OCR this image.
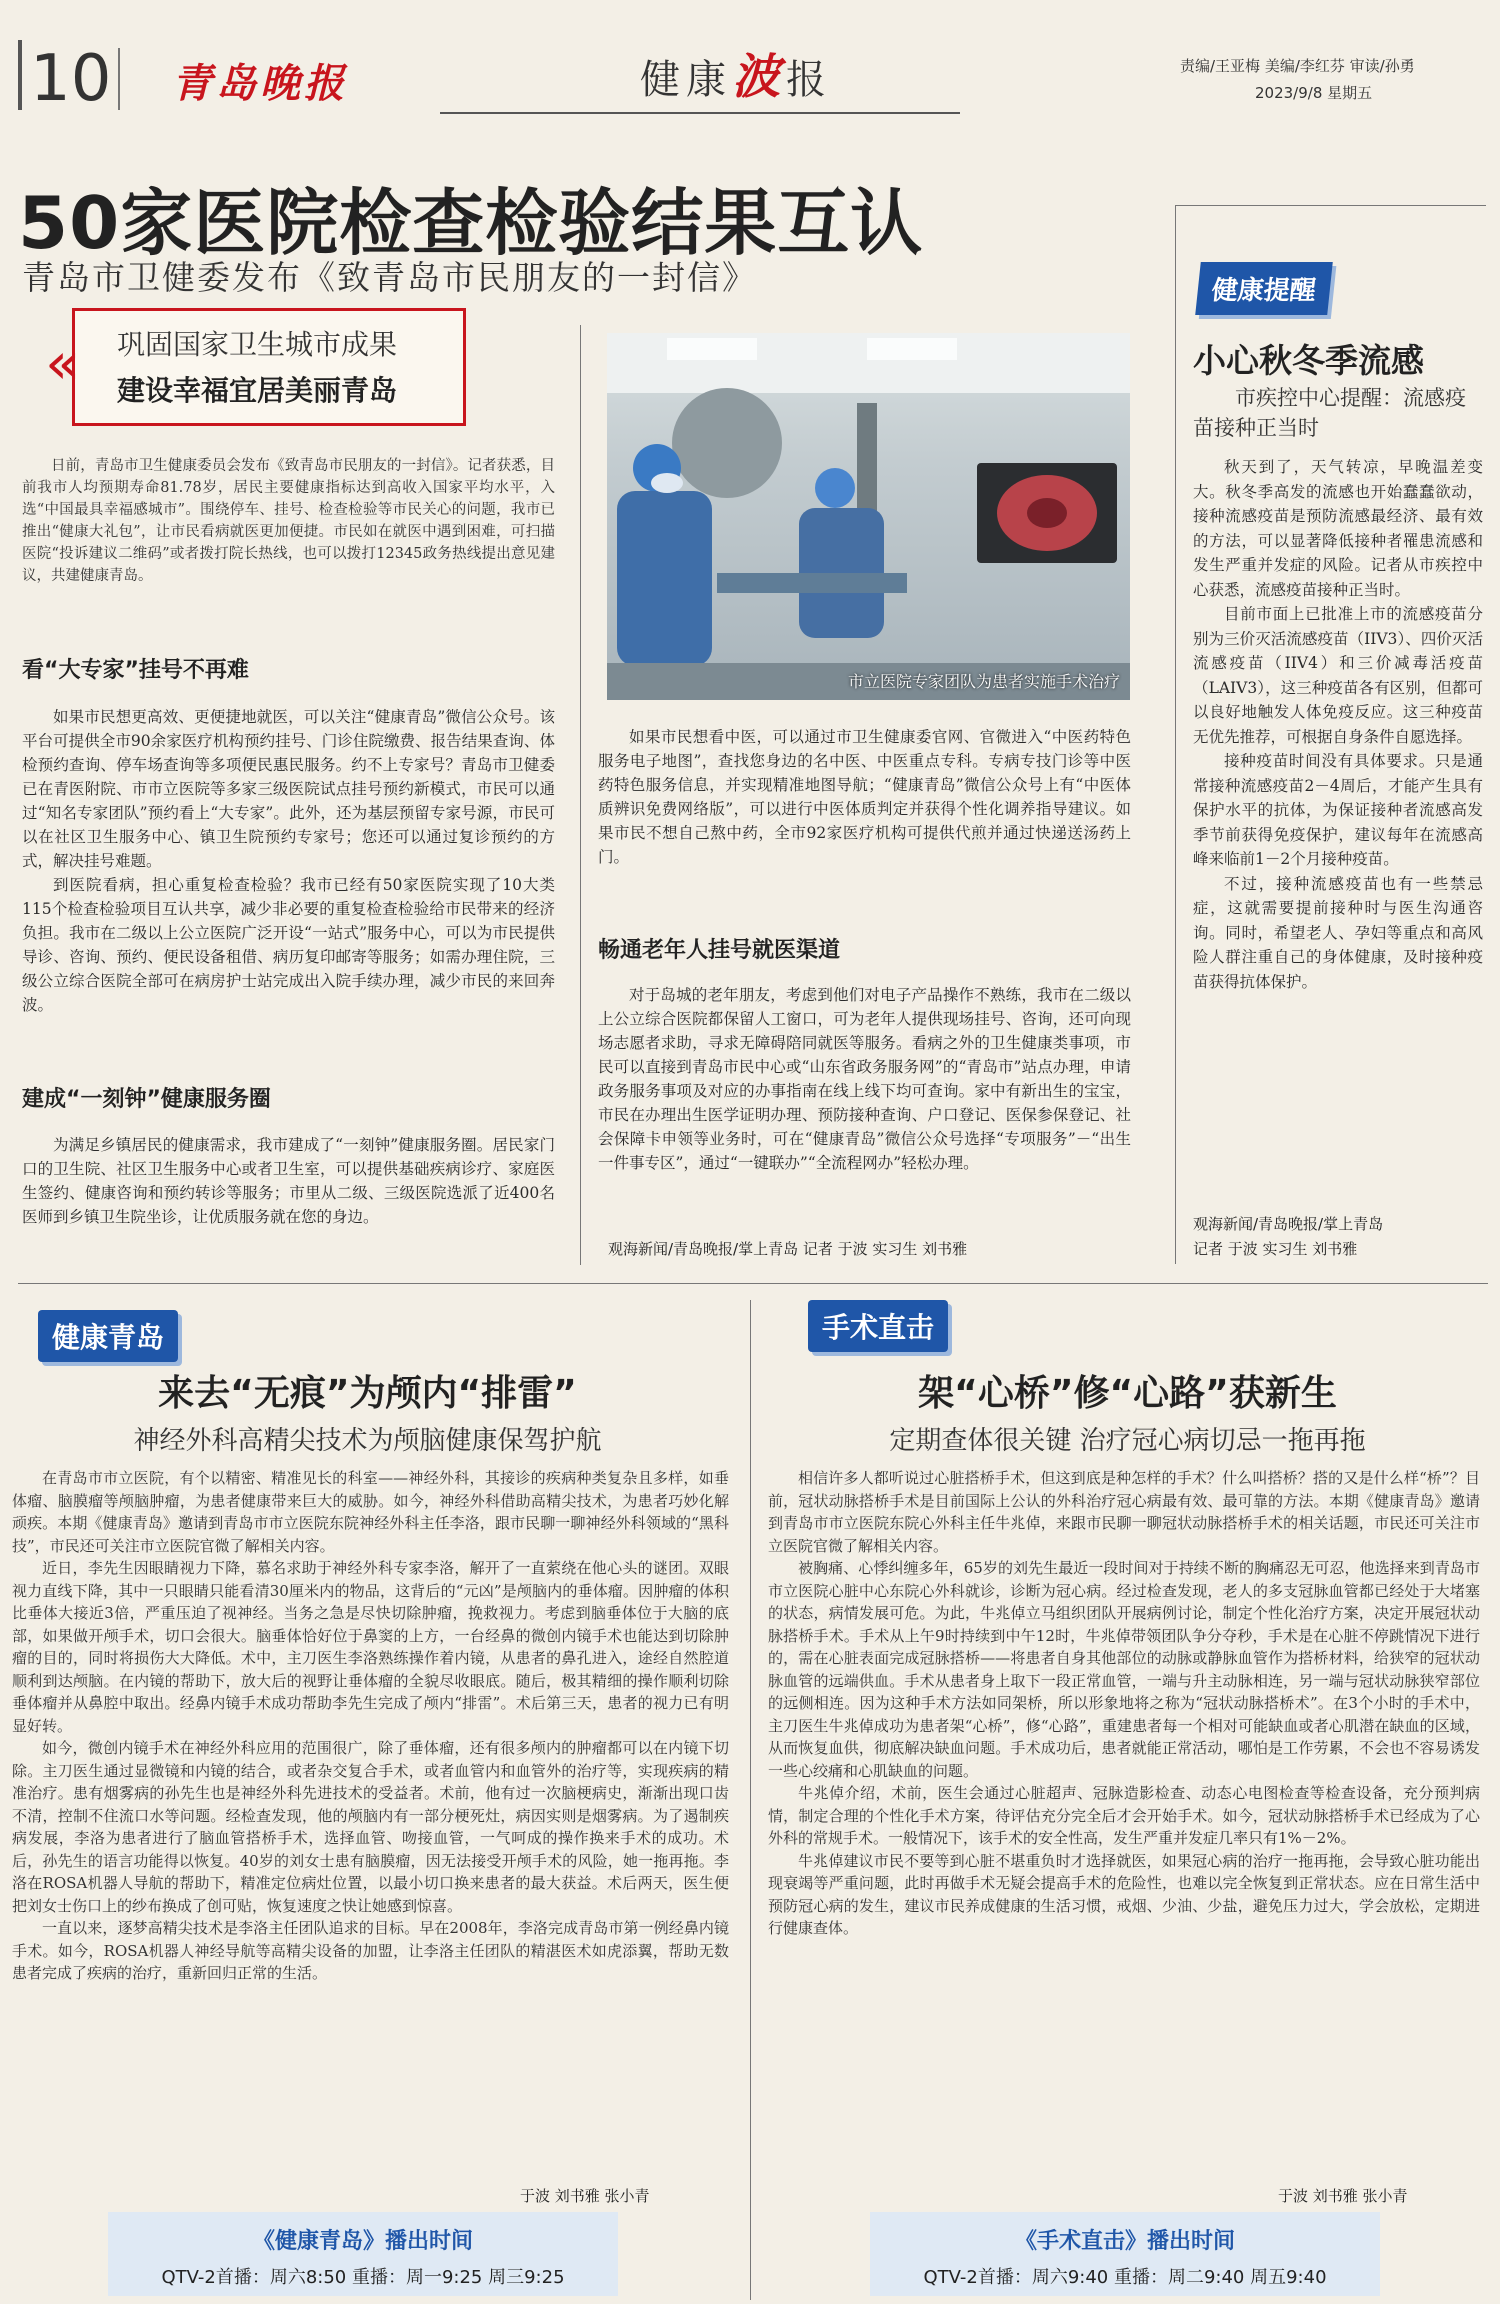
10 青岛晚报	健康波报	责编/王亚梅 美编/李红芬 审读/孙勇
2023/9/8 星期五
50家医院检查检验结果互认
青岛市卫健委发布《致青岛市民朋友的一封信》
« 巩固国家卫生城市成果
建设幸福宜居美丽青岛

日前，青岛市卫生健康委员会发布《致青岛市民朋友的一封信》。记者获悉，目前我市人均预期寿命81.78岁，居民主要健康指标达到高收入国家平均水平，入选“中国最具幸福感城市”。围绕停车、挂号、检查检验等市民关心的问题，我市已推出“健康大礼包”，让市民看病就医更加便捷。市民如在就医中遇到困难，可扫描医院“投诉建议二维码”或者拨打院长热线，也可以拨打12345政务热线提出意见建议，共建健康青岛。

看“大专家”挂号不再难

如果市民想更高效、更便捷地就医，可以关注“健康青岛”微信公众号。该平台可提供全市90余家医疗机构预约挂号、门诊住院缴费、报告结果查询、体检预约查询、停车场查询等多项便民惠民服务。约不上专家号？青岛市卫健委已在青医附院、市市立医院等多家三级医院试点挂号预约新模式，市民可以通过“知名专家团队”预约看上“大专家”。此外，还为基层预留专家号源，市民可以在社区卫生服务中心、镇卫生院预约专家号；您还可以通过复诊预约的方式，解决挂号难题。

到医院看病，担心重复检查检验？我市已经有50家医院实现了10大类115个检查检验项目互认共享，减少非必要的重复检查检验给市民带来的经济负担。我市在二级以上公立医院广泛开设“一站式”服务中心，可以为市民提供导诊、咨询、预约、便民设备租借、病历复印邮寄等服务；如需办理住院，三级公立综合医院全部可在病房护士站完成出入院手续办理，减少市民的来回奔波。

建成“一刻钟”健康服务圈

为满足乡镇居民的健康需求，我市建成了“一刻钟”健康服务圈。居民家门口的卫生院、社区卫生服务中心或者卫生室，可以提供基础疾病诊疗、家庭医生签约、健康咨询和预约转诊等服务；市里从二级、三级医院选派了近400名医师到乡镇卫生院坐诊，让优质服务就在您的身边。

市立医院专家团队为患者实施手术治疗

如果市民想看中医，可以通过市卫生健康委官网、官微进入“中医药特色服务电子地图”，查找您身边的名中医、中医重点专科。专病专技门诊等中医药特色服务信息，并实现精准地图导航；“健康青岛”微信公众号上有“中医体质辨识免费网络版”，可以进行中医体质判定并获得个性化调养指导建议。如果市民不想自己熬中药，全市92家医疗机构可提供代煎并通过快递送汤药上门。

畅通老年人挂号就医渠道

对于岛城的老年朋友，考虑到他们对电子产品操作不熟练，我市在二级以上公立综合医院都保留人工窗口，可为老年人提供现场挂号、咨询，还可向现场志愿者求助，寻求无障碍陪同就医等服务。看病之外的卫生健康类事项，市民可以直接到青岛市民中心或“山东省政务服务网”的“青岛市”站点办理，申请政务服务事项及对应的办事指南在线上线下均可查询。家中有新出生的宝宝，市民在办理出生医学证明办理、预防接种查询、户口登记、医保参保登记、社会保障卡申领等业务时，可在“健康青岛”微信公众号选择“专项服务”－“出生一件事专区”，通过“一键联办”“全流程网办”轻松办理。

观海新闻/青岛晚报/掌上青岛 记者 于波 实习生 刘书雅
健康提醒
小心秋冬季流感
市疾控中心提醒：流感疫苗接种正当时

秋天到了，天气转凉，早晚温差变大。秋冬季高发的流感也开始蠢蠢欲动，接种流感疫苗是预防流感最经济、最有效的方法，可以显著降低接种者罹患流感和发生严重并发症的风险。记者从市疾控中心获悉，流感疫苗接种正当时。

目前市面上已批准上市的流感疫苗分别为三价灭活流感疫苗（IIV3）、四价灭活流感疫苗（IIV4）和三价减毒活疫苗（LAIV3），这三种疫苗各有区别，但都可以良好地触发人体免疫反应。这三种疫苗无优先推荐，可根据自身条件自愿选择。

接种疫苗时间没有具体要求。只是通常接种流感疫苗2－4周后，才能产生具有保护水平的抗体，为保证接种者流感高发季节前获得免疫保护，建议每年在流感高峰来临前1－2个月接种疫苗。

不过，接种流感疫苗也有一些禁忌症，这就需要提前接种时与医生沟通咨询。同时，希望老人、孕妇等重点和高风险人群注重自己的身体健康，及时接种疫苗获得抗体保护。

观海新闻/青岛晚报/掌上青岛
记者 于波 实习生 刘书雅
健康青岛
来去“无痕”为颅内“排雷”
神经外科高精尖技术为颅脑健康保驾护航

在青岛市市立医院，有个以精密、精准见长的科室——神经外科，其接诊的疾病种类复杂且多样，如垂体瘤、脑膜瘤等颅脑肿瘤，为患者健康带来巨大的威胁。如今，神经外科借助高精尖技术，为患者巧妙化解顽疾。本期《健康青岛》邀请到青岛市市立医院东院神经外科主任李洛，跟市民聊一聊神经外科领域的“黑科技”，市民还可关注市立医院官微了解相关内容。

近日，李先生因眼睛视力下降，慕名求助于神经外科专家李洛，解开了一直萦绕在他心头的谜团。双眼视力直线下降，其中一只眼睛只能看清30厘米内的物品，这背后的“元凶”是颅脑内的垂体瘤。因肿瘤的体积比垂体大接近3倍，严重压迫了视神经。当务之急是尽快切除肿瘤，挽救视力。考虑到脑垂体位于大脑的底部，如果做开颅手术，切口会很大。脑垂体恰好位于鼻窦的上方，一台经鼻的微创内镜手术也能达到切除肿瘤的目的，同时将损伤大大降低。术中，主刀医生李洛熟练操作着内镜，从患者的鼻孔进入，途经自然腔道顺利到达颅脑。在内镜的帮助下，放大后的视野让垂体瘤的全貌尽收眼底。随后，极其精细的操作顺利切除垂体瘤并从鼻腔中取出。经鼻内镜手术成功帮助李先生完成了颅内“排雷”。术后第三天，患者的视力已有明显好转。

如今，微创内镜手术在神经外科应用的范围很广，除了垂体瘤，还有很多颅内的肿瘤都可以在内镜下切除。主刀医生通过显微镜和内镜的结合，或者杂交复合手术，或者血管内和血管外的治疗等，实现疾病的精准治疗。患有烟雾病的孙先生也是神经外科先进技术的受益者。术前，他有过一次脑梗病史，渐渐出现口齿不清，控制不住流口水等问题。经检查发现，他的颅脑内有一部分梗死灶，病因实则是烟雾病。为了遏制疾病发展，李洛为患者进行了脑血管搭桥手术，选择血管、吻接血管，一气呵成的操作换来手术的成功。术后，孙先生的语言功能得以恢复。40岁的刘女士患有脑膜瘤，因无法接受开颅手术的风险，她一拖再拖。李洛在ROSA机器人导航的帮助下，精准定位病灶位置，以最小切口换来患者的最大获益。术后两天，医生便把刘女士伤口上的纱布换成了创可贴，恢复速度之快让她感到惊喜。

一直以来，逐梦高精尖技术是李洛主任团队追求的目标。早在2008年，李洛完成青岛市第一例经鼻内镜手术。如今，ROSA机器人神经导航等高精尖设备的加盟，让李洛主任团队的精湛医术如虎添翼，帮助无数患者完成了疾病的治疗，重新回归正常的生活。

于波 刘书雅 张小青
《健康青岛》播出时间
QTV-2首播：周六8:50 重播：周一9:25 周三9:25
手术直击
架“心桥”修“心路”获新生
定期查体很关键 治疗冠心病切忌一拖再拖

相信许多人都听说过心脏搭桥手术，但这到底是种怎样的手术？什么叫搭桥？搭的又是什么样“桥”？目前，冠状动脉搭桥手术是目前国际上公认的外科治疗冠心病最有效、最可靠的方法。本期《健康青岛》邀请到青岛市市立医院东院心外科主任牛兆倬，来跟市民聊一聊冠状动脉搭桥手术的相关话题，市民还可关注市立医院官微了解相关内容。

被胸痛、心悸纠缠多年，65岁的刘先生最近一段时间对于持续不断的胸痛忍无可忍，他选择来到青岛市市立医院心脏中心东院心外科就诊，诊断为冠心病。经过检查发现，老人的多支冠脉血管都已经处于大堵塞的状态，病情发展可危。为此，牛兆倬立马组织团队开展病例讨论，制定个性化治疗方案，决定开展冠状动脉搭桥手术。手术从上午9时持续到中午12时，牛兆倬带领团队争分夺秒，手术是在心脏不停跳情况下进行的，需在心脏表面完成冠脉搭桥——将患者自身其他部位的动脉或静脉血管作为搭桥材料，给狭窄的冠状动脉血管的远端供血。手术从患者身上取下一段正常血管，一端与升主动脉相连，另一端与冠状动脉狭窄部位的远侧相连。因为这种手术方法如同架桥，所以形象地将之称为“冠状动脉搭桥术”。在3个小时的手术中，主刀医生牛兆倬成功为患者架“心桥”，修“心路”，重建患者每一个相对可能缺血或者心肌潜在缺血的区域，从而恢复血供，彻底解决缺血问题。手术成功后，患者就能正常活动，哪怕是工作劳累，不会也不容易诱发一些心绞痛和心肌缺血的问题。

牛兆倬介绍，术前，医生会通过心脏超声、冠脉造影检查、动态心电图检查等检查设备，充分预判病情，制定合理的个性化手术方案，待评估充分完全后才会开始手术。如今，冠状动脉搭桥手术已经成为了心外科的常规手术。一般情况下，该手术的安全性高，发生严重并发症几率只有1%－2%。

牛兆倬建议市民不要等到心脏不堪重负时才选择就医，如果冠心病的治疗一拖再拖，会导致心脏功能出现衰竭等严重问题，此时再做手术无疑会提高手术的危险性，也难以完全恢复到正常状态。应在日常生活中预防冠心病的发生，建议市民养成健康的生活习惯，戒烟、少油、少盐，避免压力过大，学会放松，定期进行健康查体。

于波 刘书雅 张小青
《手术直击》播出时间
QTV-2首播：周六9:40 重播：周二9:40 周五9:40
